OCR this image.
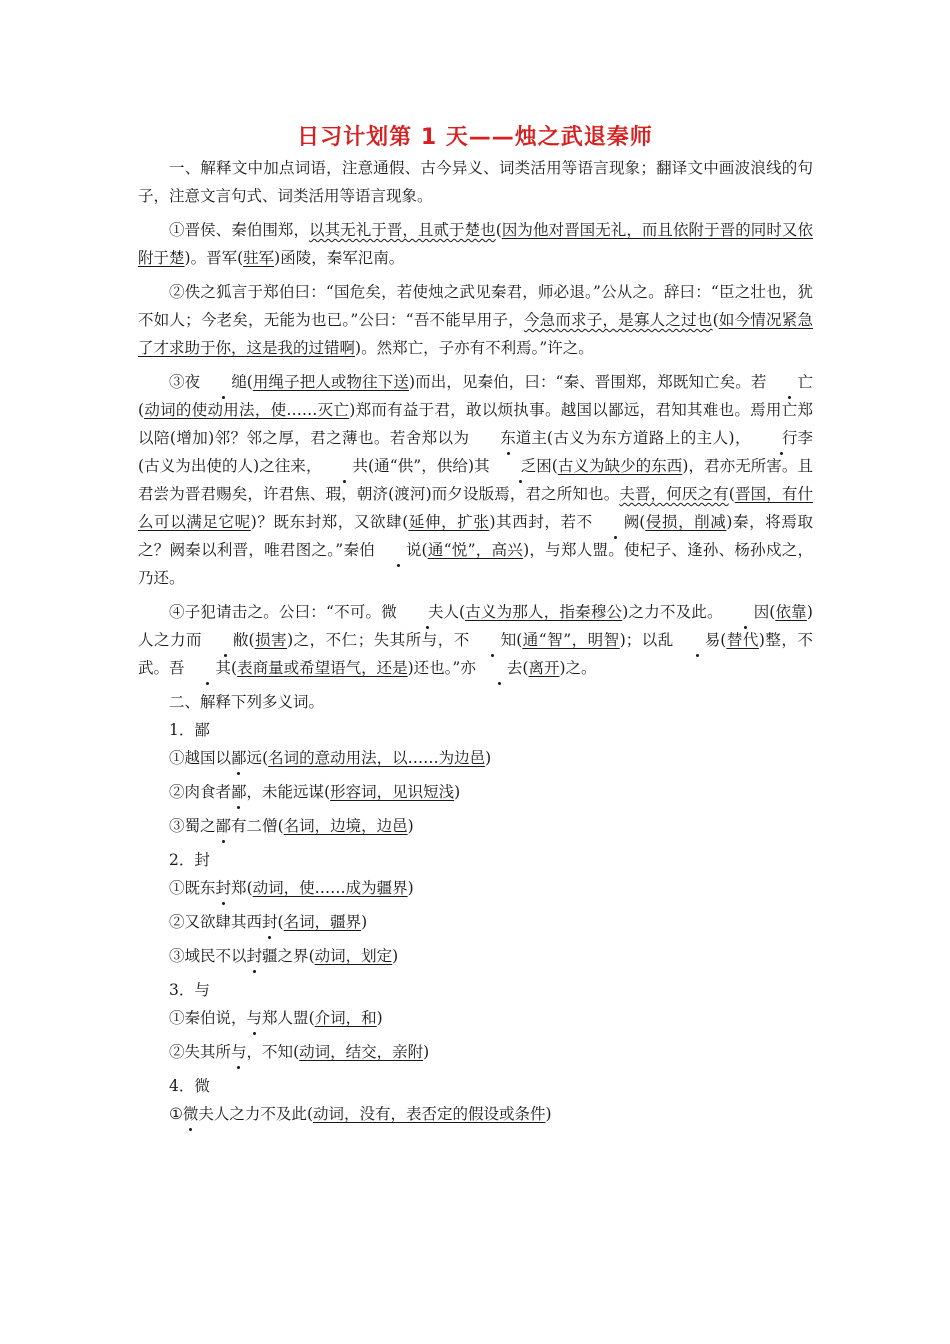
日习计划第 1 天——烛之武退秦师
一、解释文中加点词语，注意通假、古今异义、词类活用等语言现象；翻译文中画波浪线的句子，注意文言句式、词类活用等语言现象。
①晋侯、秦伯围郑，以其无礼于晋，且贰于楚也(因为他对晋国无礼，而且依附于晋的同时又依附于楚)。晋军(驻军)函陵，秦军氾南。
②佚之狐言于郑伯曰：“国危矣，若使烛之武见秦君，师必退。”公从之。辞曰：“臣之壮也，犹不如人；今老矣，无能为也已。”公曰：“吾不能早用子，今急而求子，是寡人之过也(如今情况紧急了才求助于你，这是我的过错啊)。然郑亡，子亦有不利焉。”许之。
③夜 缒(用绳子把人或物往下送)而出，见秦伯，曰：“秦、晋围郑，郑既知亡矣。若 亡(动词的使动用法，使……灭亡)郑而有益于君，敢以烦执事。越国以鄙远，君知其难也。焉用亡郑以陪(增加)邻？邻之厚，君之薄也。若舍郑以为 东道主(古义为东方道路上的主人)， 行李(古义为出使的人)之往来， 共(通“供”，供给)其 乏困(古义为缺少的东西)，君亦无所害。且君尝为晋君赐矣，许君焦、瑕，朝济(渡河)而夕设版焉，君之所知也。夫晋，何厌之有(晋国，有什么可以满足它呢)？既东封郑，又欲肆(延伸，扩张)其西封，若不 阙(侵损，削减)秦，将焉取之？阙秦以利晋，唯君图之。”秦伯 说(通“悦”，高兴)，与郑人盟。使杞子、逢孙、杨孙戍之，乃还。
④子犯请击之。公曰：“不可。微 夫人(古义为那人，指秦穆公)之力不及此。 因(依靠)人之力而 敝(损害)之，不仁；失其所与，不 知(通“智”，明智)；以乱 易(替代)整，不武。吾 其(表商量或希望语气，还是)还也。”亦 去(离开)之。
二、解释下列多义词。
1．鄙
①越国以鄙远(名词的意动用法，以……为边邑)
②肉食者鄙，未能远谋(形容词，见识短浅)
③蜀之鄙有二僧(名词，边境，边邑)
2．封
①既东封郑(动词，使……成为疆界)
②又欲肆其西封(名词，疆界)
③域民不以封疆之界(动词，划定)
3．与
①秦伯说，与郑人盟(介词，和)
②失其所与，不知(动词，结交，亲附)
4．微
①微夫人之力不及此(动词，没有，表否定的假设或条件)
